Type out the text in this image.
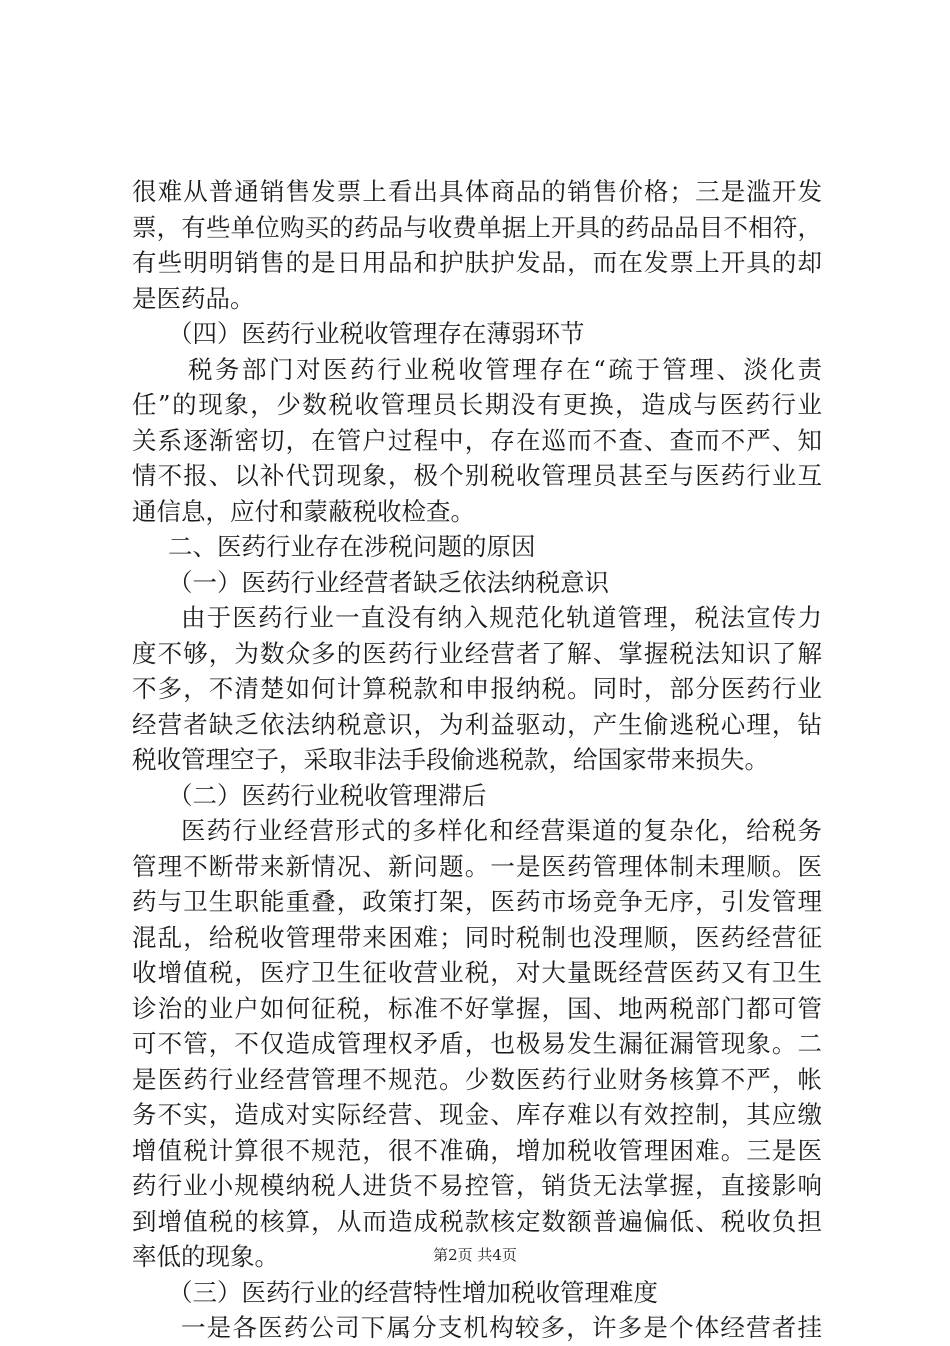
很难从普通销售发票上看出具体商品的销售价格；三是滥开发
票，有些单位购买的药品与收费单据上开具的药品品目不相符，
有些明明销售的是日用品和护肤护发品，而在发票上开具的却
是医药品。
（四）医药行业税收管理存在薄弱环节
税务部门对医药行业税收管理存在“疏于管理、淡化责
任”的现象，少数税收管理员长期没有更换，造成与医药行业
关系逐渐密切，在管户过程中，存在巡而不查、查而不严、知
情不报、以补代罚现象，极个别税收管理员甚至与医药行业互
通信息，应付和蒙蔽税收检查。
二、医药行业存在涉税问题的原因
（一）医药行业经营者缺乏依法纳税意识
由于医药行业一直没有纳入规范化轨道管理，税法宣传力
度不够，为数众多的医药行业经营者了解、掌握税法知识了解
不多，不清楚如何计算税款和申报纳税。同时，部分医药行业
经营者缺乏依法纳税意识，为利益驱动，产生偷逃税心理，钻
税收管理空子，采取非法手段偷逃税款，给国家带来损失。
（二）医药行业税收管理滞后
医药行业经营形式的多样化和经营渠道的复杂化，给税务
管理不断带来新情况、新问题。一是医药管理体制未理顺。医
药与卫生职能重叠，政策打架，医药市场竞争无序，引发管理
混乱，给税收管理带来困难；同时税制也没理顺，医药经营征
收增值税，医疗卫生征收营业税，对大量既经营医药又有卫生
诊治的业户如何征税，标准不好掌握，国、地两税部门都可管
可不管，不仅造成管理权矛盾，也极易发生漏征漏管现象。二
是医药行业经营管理不规范。少数医药行业财务核算不严，帐
务不实，造成对实际经营、现金、库存难以有效控制，其应缴
增值税计算很不规范，很不准确，增加税收管理困难。三是医
药行业小规模纳税人进货不易控管，销货无法掌握，直接影响
到增值税的核算，从而造成税款核定数额普遍偏低、税收负担
率低的现象。
（三）医药行业的经营特性增加税收管理难度
一是各医药公司下属分支机构较多，许多是个体经营者挂
第2页 共4页
